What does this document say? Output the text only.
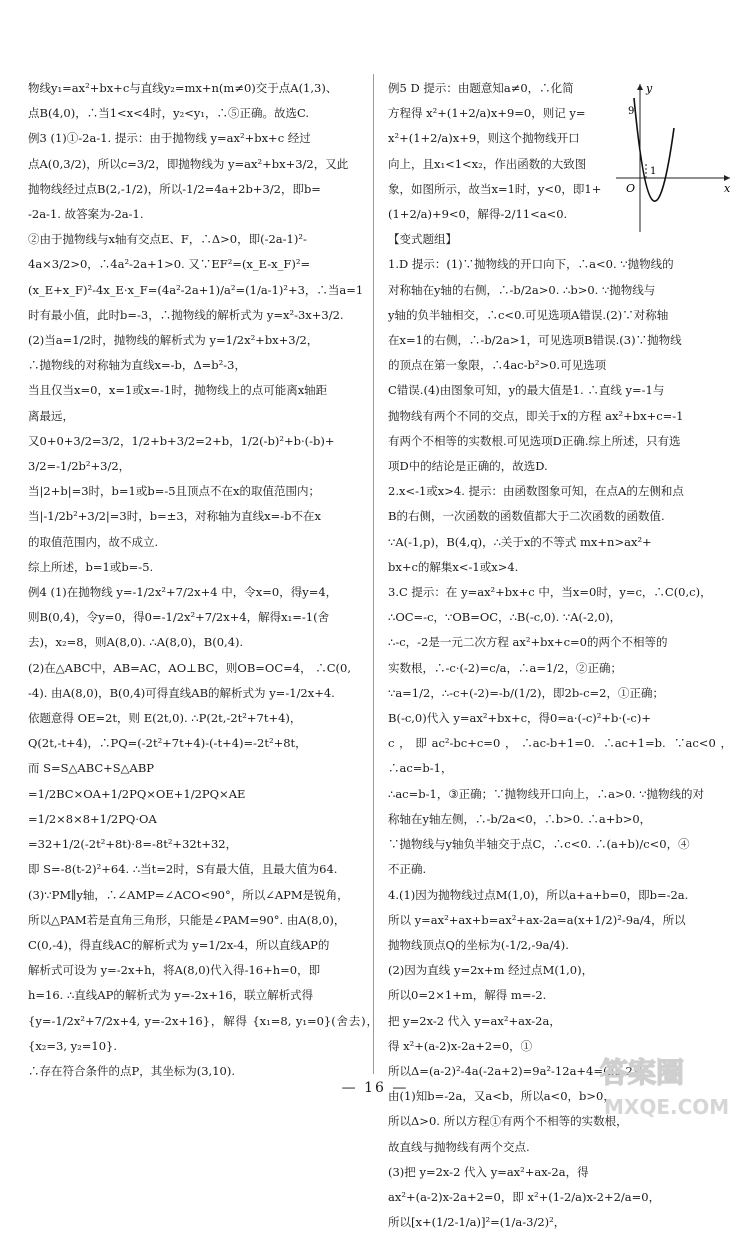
物线y₁=ax²+bx+c与直线y₂=mx+n(m≠0)交于点A(1,3)、

点B(4,0)，∴当1<x<4时，y₂<y₁，∴⑤正确。故选C.

例3 (1)①-2a-1. 提示：由于抛物线 y=ax²+bx+c 经过

点A(0,3/2)，所以c=3/2，即抛物线为 y=ax²+bx+3/2，又此

抛物线经过点B(2,-1/2)，所以-1/2=4a+2b+3/2，即b=

-2a-1. 故答案为-2a-1.

②由于抛物线与x轴有交点E、F，∴Δ>0，即(-2a-1)²-

4a×3/2>0，∴4a²-2a+1>0. 又∵EF²=(x_E-x_F)²=

(x_E+x_F)²-4x_E·x_F=(4a²-2a+1)/a²=(1/a-1)²+3，∴当a=1

时有最小值，此时b=-3，∴抛物线的解析式为 y=x²-3x+3/2.

(2)当a=1/2时，抛物线的解析式为 y=1/2x²+bx+3/2，

∴抛物线的对称轴为直线x=-b，Δ=b²-3，

当且仅当x=0，x=1或x=-1时，抛物线上的点可能离x轴距

离最远，

又0+0+3/2=3/2，1/2+b+3/2=2+b，1/2(-b)²+b·(-b)+

3/2=-1/2b²+3/2，

当|2+b|=3时，b=1或b=-5且顶点不在x的取值范围内；

当|-1/2b²+3/2|=3时，b=±3，对称轴为直线x=-b不在x

的取值范围内，故不成立.

综上所述，b=1或b=-5.

例4 (1)在抛物线 y=-1/2x²+7/2x+4 中，令x=0，得y=4，

则B(0,4)，令y=0，得0=-1/2x²+7/2x+4，解得x₁=-1(舍

去)，x₂=8，则A(8,0). ∴A(8,0)，B(0,4).

(2)在△ABC中，AB=AC，AO⊥BC，则OB=OC=4， ∴C(0,

-4). 由A(8,0)，B(0,4)可得直线AB的解析式为 y=-1/2x+4.

依题意得 OE=2t，则 E(2t,0). ∴P(2t,-2t²+7t+4)，

Q(2t,-t+4)，∴PQ=(-2t²+7t+4)-(-t+4)=-2t²+8t，

而 S=S△ABC+S△ABP

=1/2BC×OA+1/2PQ×OE+1/2PQ×AE

=1/2×8×8+1/2PQ·OA

=32+1/2(-2t²+8t)·8=-8t²+32t+32，

即 S=-8(t-2)²+64. ∴当t=2时，S有最大值，且最大值为64.

(3)∵PM∥y轴，∴∠AMP=∠ACO<90°，所以∠APM是锐角，

所以△PAM若是直角三角形，只能是∠PAM=90°. 由A(8,0)，

C(0,-4)，得直线AC的解析式为 y=1/2x-4，所以直线AP的

解析式可设为 y=-2x+h，将A(8,0)代入得-16+h=0，即

h=16. ∴直线AP的解析式为 y=-2x+16，联立解析式得

{y=-1/2x²+7/2x+4, y=-2x+16}，解得 {x₁=8, y₁=0}(舍去)，{x₂=3, y₂=10}.

∴存在符合条件的点P，其坐标为(3,10).

例5 D 提示：由题意知a≠0，∴化简

方程得 x²+(1+2/a)x+9=0，则记 y=

x²+(1+2/a)x+9，则这个抛物线开口

向上，且x₁<1<x₂，作出函数的大致图

象，如图所示，故当x=1时，y<0，即1+

(1+2/a)+9<0，解得-2/11<a<0.

【变式题组】

1.D 提示：(1)∵抛物线的开口向下，∴a<0. ∵抛物线的

对称轴在y轴的右侧，∴-b/2a>0. ∴b>0. ∵抛物线与

y轴的负半轴相交，∴c<0.可见选项A错误.(2)∵对称轴

在x=1的右侧，∴-b/2a>1，可见选项B错误.(3)∵抛物线

的顶点在第一象限，∴4ac-b²>0.可见选项

C错误.(4)由图象可知，y的最大值是1. ∴直线 y=-1与

抛物线有两个不同的交点，即关于x的方程 ax²+bx+c=-1

有两个不相等的实数根.可见选项D正确.综上所述，只有选

项D中的结论是正确的，故选D.

2.x<-1或x>4. 提示：由函数图象可知，在点A的左侧和点

B的右侧，一次函数的函数值都大于二次函数的函数值.

∵A(-1,p)，B(4,q)，∴关于x的不等式 mx+n>ax²+

bx+c的解集x<-1或x>4.

3.C 提示：在 y=ax²+bx+c 中，当x=0时，y=c，∴C(0,c)，

∴OC=-c，∵OB=OC，∴B(-c,0). ∵A(-2,0)，

∴-c，-2是一元二次方程 ax²+bx+c=0的两个不相等的

实数根，∴-c·(-2)=c/a，∴a=1/2，②正确；

∵a=1/2，∴-c+(-2)=-b/(1/2)，即2b-c=2，①正确；

B(-c,0)代入 y=ax²+bx+c，得0=a·(-c)²+b·(-c)+

c，即ac²-bc+c=0，∴ac-b+1=0. ∴ac+1=b. ∵ac<0，∴ac=b-1，

∴ac=b-1，③正确；∵抛物线开口向上，∴a>0. ∵抛物线的对

称轴在y轴左侧，∴-b/2a<0，∴b>0. ∴a+b>0，

∵抛物线与y轴负半轴交于点C，∴c<0. ∴(a+b)/c<0，④

不正确.

4.(1)因为抛物线过点M(1,0)，所以a+a+b=0，即b=-2a.

所以 y=ax²+ax+b=ax²+ax-2a=a(x+1/2)²-9a/4，所以

抛物线顶点Q的坐标为(-1/2,-9a/4).

(2)因为直线 y=2x+m 经过点M(1,0)，

所以0=2×1+m，解得 m=-2.

把 y=2x-2 代入 y=ax²+ax-2a，

得 x²+(a-2)x-2a+2=0，①

所以Δ=(a-2)²-4a(-2a+2)=9a²-12a+4=(3a-2)²，

由(1)知b=-2a，又a<b，所以a<0，b>0，

所以Δ>0. 所以方程①有两个不相等的实数根，

故直线与抛物线有两个交点.

(3)把 y=2x-2 代入 y=ax²+ax-2a，得

ax²+(a-2)x-2a+2=0，即 x²+(1-2/a)x-2+2/a=0，

所以[x+(1/2-1/a)]²=(1/a-3/2)²，

y
x
O
9
1
— 16 —	答案圈
MXQE.COM
